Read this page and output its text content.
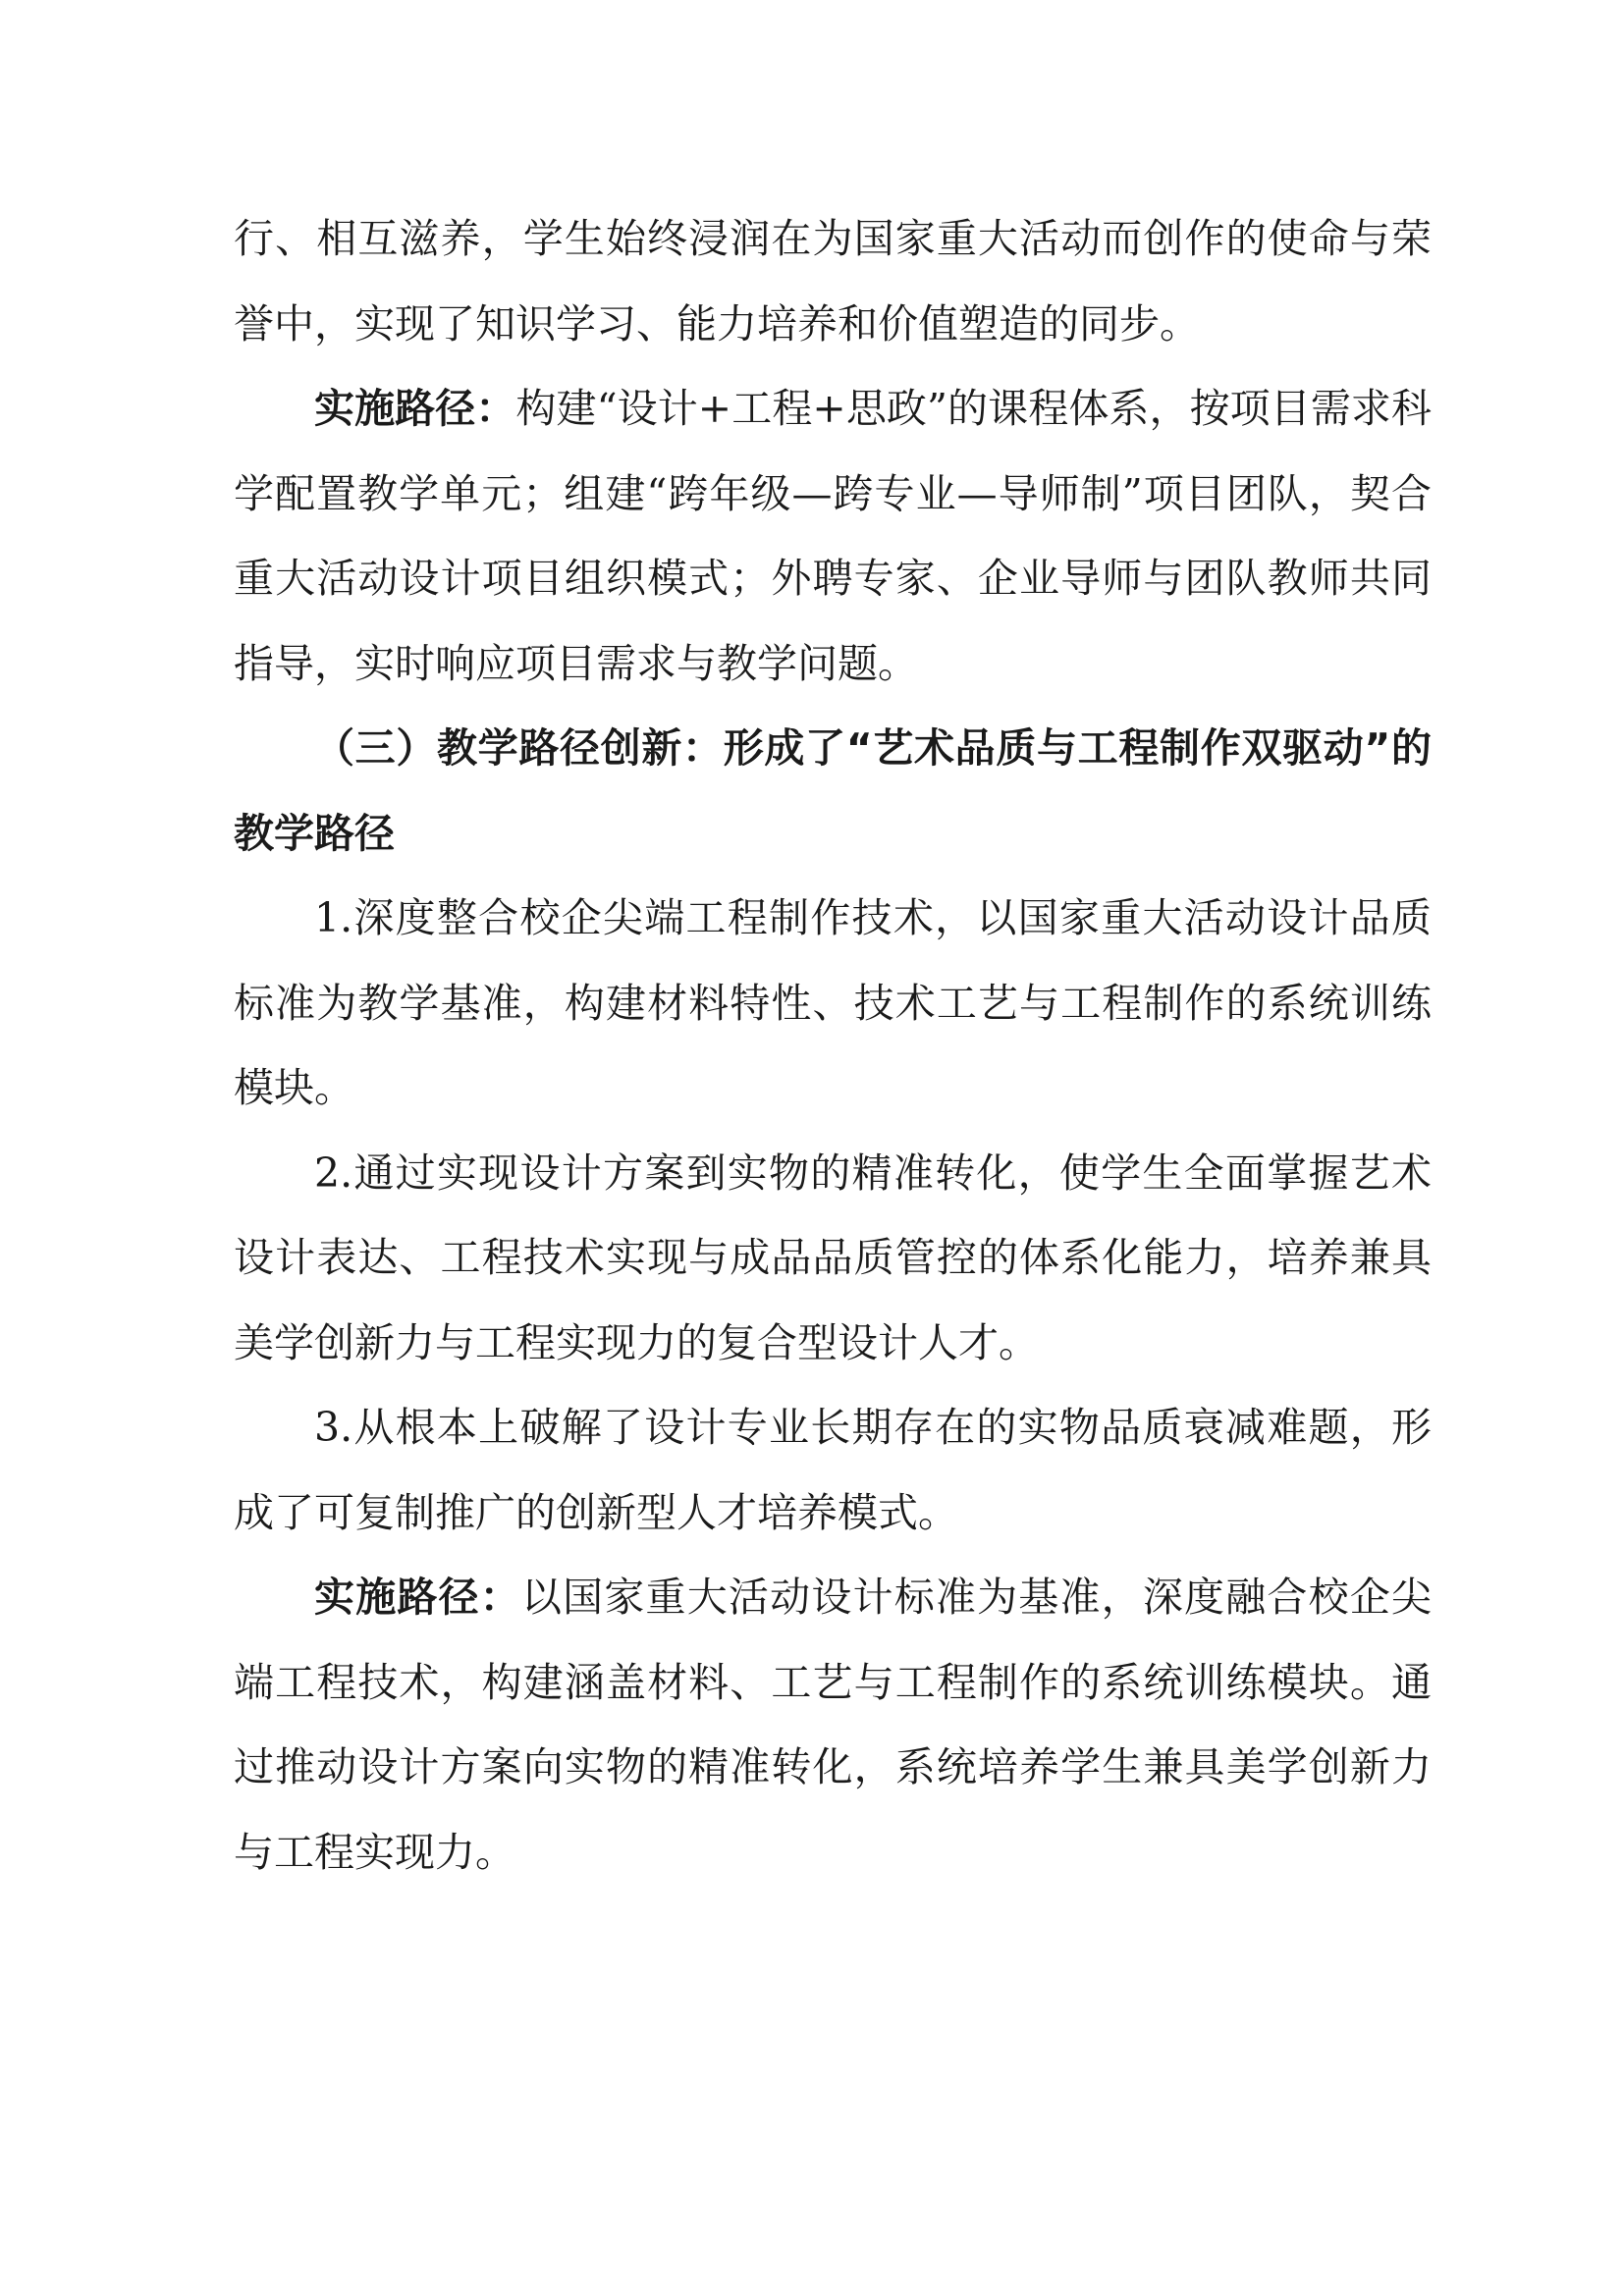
行、相互滋养，学生始终浸润在为国家重大活动而创作的使命与荣誉中，实现了知识学习、能力培养和价值塑造的同步。

实施路径：构建“设计+工程+思政”的课程体系，按项目需求科学配置教学单元；组建“跨年级—跨专业—导师制”项目团队，契合重大活动设计项目组织模式；外聘专家、企业导师与团队教师共同指导，实时响应项目需求与教学问题。

（三）教学路径创新：形成了“艺术品质与工程制作双驱动”的教学路径

1.深度整合校企尖端工程制作技术，以国家重大活动设计品质标准为教学基准，构建材料特性、技术工艺与工程制作的系统训练模块。

2.通过实现设计方案到实物的精准转化，使学生全面掌握艺术设计表达、工程技术实现与成品品质管控的体系化能力，培养兼具美学创新力与工程实现力的复合型设计人才。

3.从根本上破解了设计专业长期存在的实物品质衰减难题，形成了可复制推广的创新型人才培养模式。

实施路径：以国家重大活动设计标准为基准，深度融合校企尖端工程技术，构建涵盖材料、工艺与工程制作的系统训练模块。通过推动设计方案向实物的精准转化，系统培养学生兼具美学创新力与工程实现力。
